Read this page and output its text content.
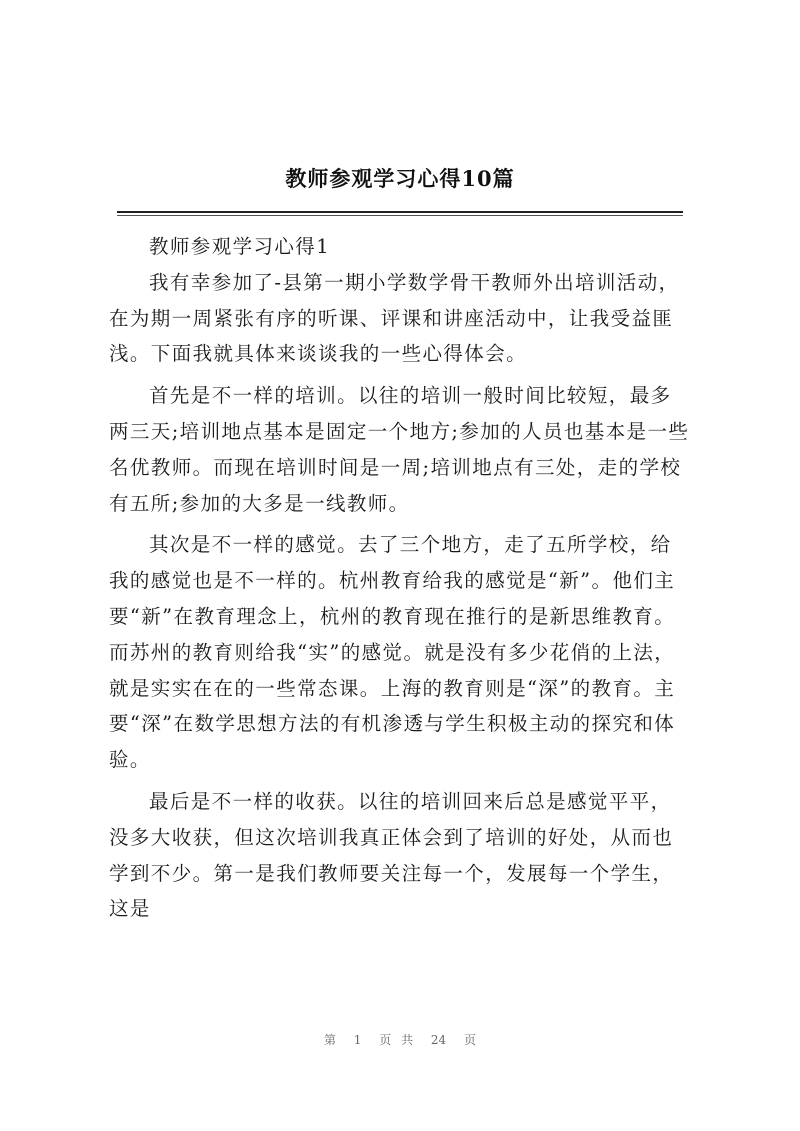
教师参观学习心得10篇

教师参观学习心得1

我有幸参加了-县第一期小学数学骨干教师外出培训活动，在为期一周紧张有序的听课、评课和讲座活动中，让我受益匪浅。下面我就具体来谈谈我的一些心得体会。

首先是不一样的培训。以往的培训一般时间比较短，最多两三天;培训地点基本是固定一个地方;参加的人员也基本是一些名优教师。而现在培训时间是一周;培训地点有三处，走的学校有五所;参加的大多是一线教师。

其次是不一样的感觉。去了三个地方，走了五所学校，给我的感觉也是不一样的。杭州教育给我的感觉是“新”。他们主要“新”在教育理念上，杭州的教育现在推行的是新思维教育。而苏州的教育则给我“实”的感觉。就是没有多少花俏的上法，就是实实在在的一些常态课。上海的教育则是“深”的教育。主要“深”在数学思想方法的有机渗透与学生积极主动的探究和体验。

最后是不一样的收获。以往的培训回来后总是感觉平平，没多大收获，但这次培训我真正体会到了培训的好处，从而也学到不少。第一是我们教师要关注每一个，发展每一个学生，这是

第 1 页 共 24 页
